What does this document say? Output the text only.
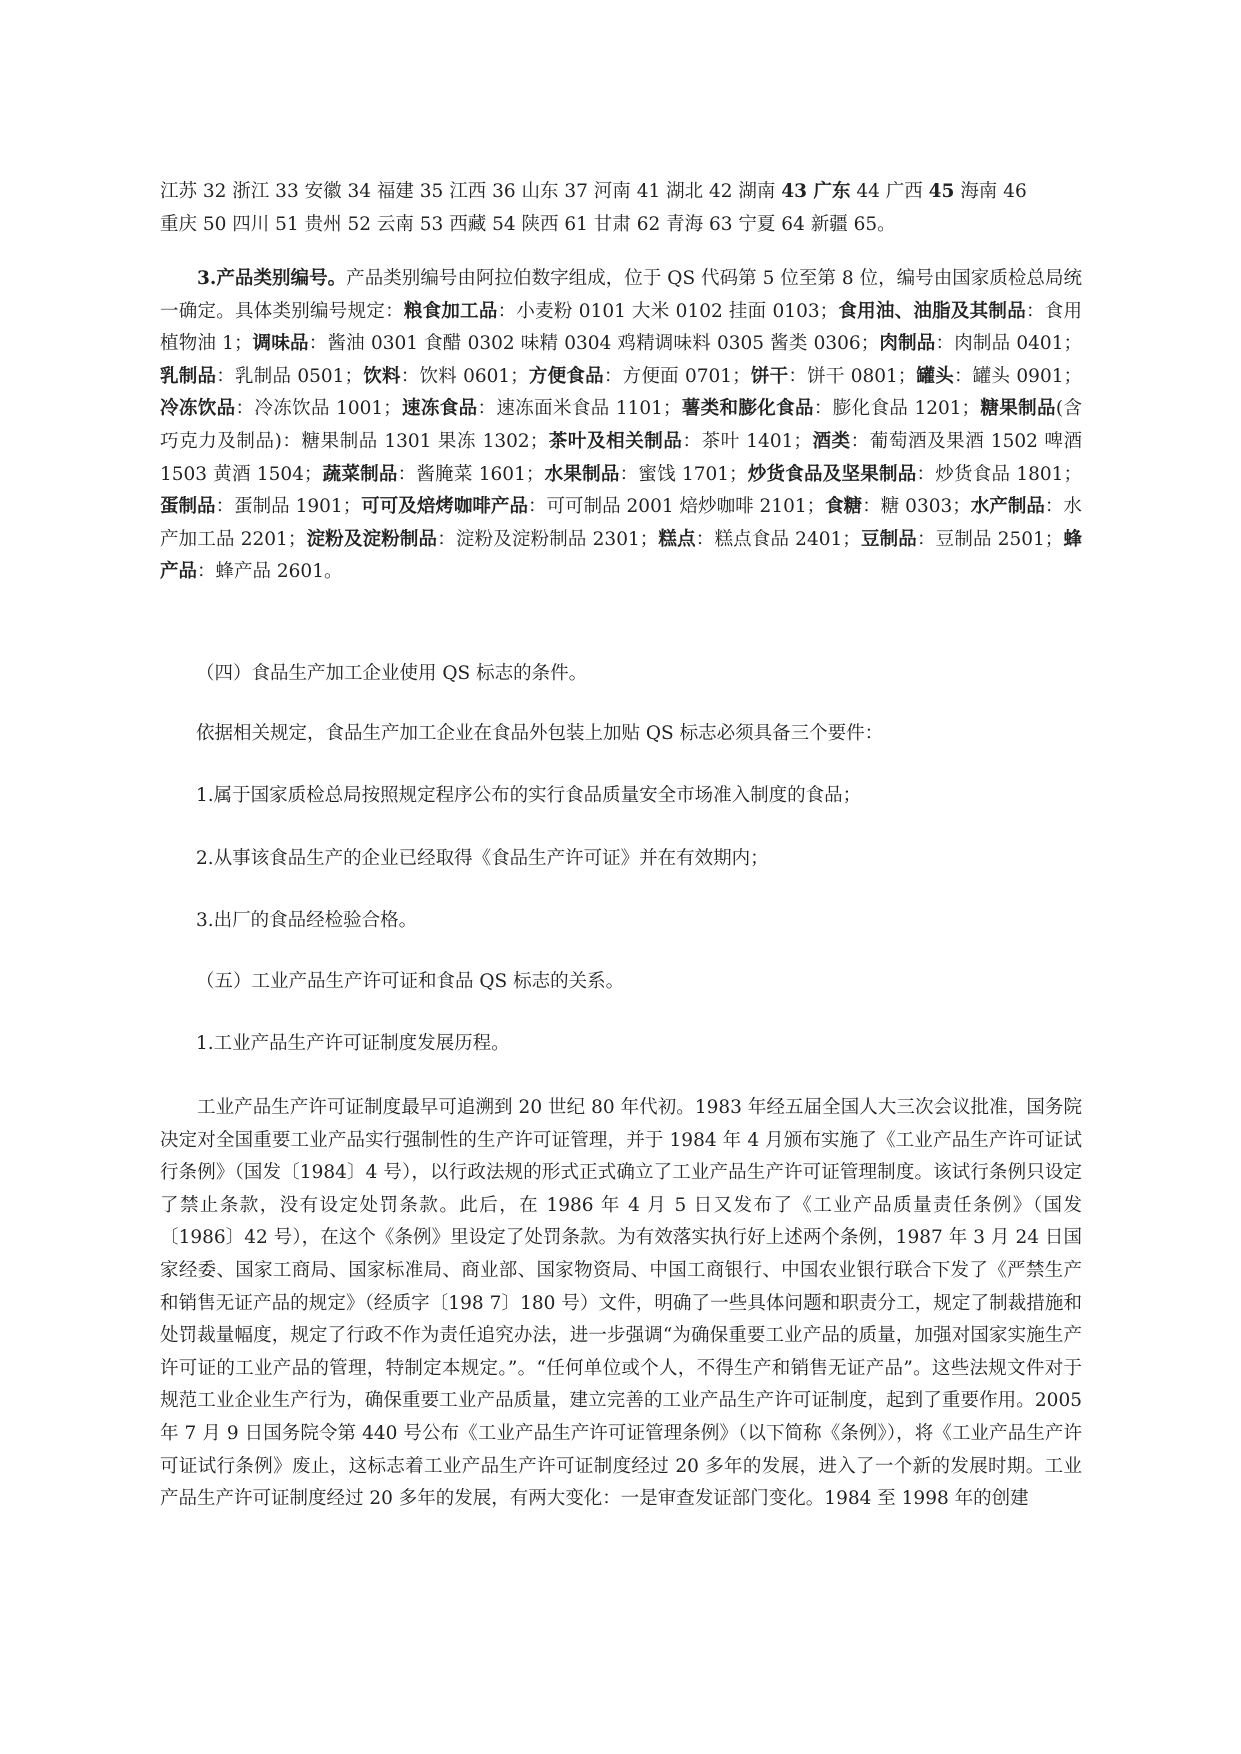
江苏 32 浙江 33 安徽 34 福建 35 江西 36 山东 37 河南 41 湖北 42 湖南 43 广东 44 广西 45 海南 46
重庆 50 四川 51 贵州 52 云南 53 西藏 54 陕西 61 甘肃 62 青海 63 宁夏 64 新疆 65。

3.产品类别编号。产品类别编号由阿拉伯数字组成，位于 QS 代码第 5 位至第 8 位，编号由国家质检总局统一确定。具体类别编号规定：粮食加工品：小麦粉 0101 大米 0102 挂面 0103；食用油、油脂及其制品：食用植物油 1；调味品：酱油 0301 食醋 0302 味精 0304 鸡精调味料 0305 酱类 0306；肉制品：肉制品 0401；乳制品：乳制品 0501；饮料：饮料 0601；方便食品：方便面 0701；饼干：饼干 0801；罐头：罐头 0901；冷冻饮品：冷冻饮品 1001；速冻食品：速冻面米食品 1101；薯类和膨化食品：膨化食品 1201；糖果制品(含巧克力及制品)：糖果制品 1301 果冻 1302；茶叶及相关制品：茶叶 1401；酒类：葡萄酒及果酒 1502 啤酒 1503 黄酒 1504；蔬菜制品：酱腌菜 1601；水果制品：蜜饯 1701；炒货食品及坚果制品：炒货食品 1801；蛋制品：蛋制品 1901；可可及焙烤咖啡产品：可可制品 2001 焙炒咖啡 2101；食糖：糖 0303；水产制品：水产加工品 2201；淀粉及淀粉制品：淀粉及淀粉制品 2301；糕点：糕点食品 2401；豆制品：豆制品 2501；蜂产品：蜂产品 2601。

（四）食品生产加工企业使用 QS 标志的条件。
依据相关规定，食品生产加工企业在食品外包装上加贴 QS 标志必须具备三个要件：
1.属于国家质检总局按照规定程序公布的实行食品质量安全市场准入制度的食品；
2.从事该食品生产的企业已经取得《食品生产许可证》并在有效期内；
3.出厂的食品经检验合格。
（五）工业产品生产许可证和食品 QS 标志的关系。
1.工业产品生产许可证制度发展历程。

工业产品生产许可证制度最早可追溯到 20 世纪 80 年代初。1983 年经五届全国人大三次会议批准，国务院决定对全国重要工业产品实行强制性的生产许可证管理，并于 1984 年 4 月颁布实施了《工业产品生产许可证试行条例》（国发〔1984〕4 号），以行政法规的形式正式确立了工业产品生产许可证管理制度。该试行条例只设定了禁止条款，没有设定处罚条款。此后，在 1986 年 4 月 5 日又发布了《工业产品质量责任条例》（国发〔1986〕42 号），在这个《条例》里设定了处罚条款。为有效落实执行好上述两个条例，1987 年 3 月 24 日国家经委、国家工商局、国家标准局、商业部、国家物资局、中国工商银行、中国农业银行联合下发了《严禁生产和销售无证产品的规定》（经质字〔198 7〕180 号）文件，明确了一些具体问题和职责分工，规定了制裁措施和处罚裁量幅度，规定了行政不作为责任追究办法，进一步强调“为确保重要工业产品的质量，加强对国家实施生产许可证的工业产品的管理，特制定本规定。”。“任何单位或个人，不得生产和销售无证产品”。这些法规文件对于规范工业企业生产行为，确保重要工业产品质量，建立完善的工业产品生产许可证制度，起到了重要作用。2005 年 7 月 9 日国务院令第 440 号公布《工业产品生产许可证管理条例》（以下简称《条例》），将《工业产品生产许可证试行条例》废止，这标志着工业产品生产许可证制度经过 20 多年的发展，进入了一个新的发展时期。工业产品生产许可证制度经过 20 多年的发展，有两大变化：一是审查发证部门变化。1984 至 1998 年的创建
